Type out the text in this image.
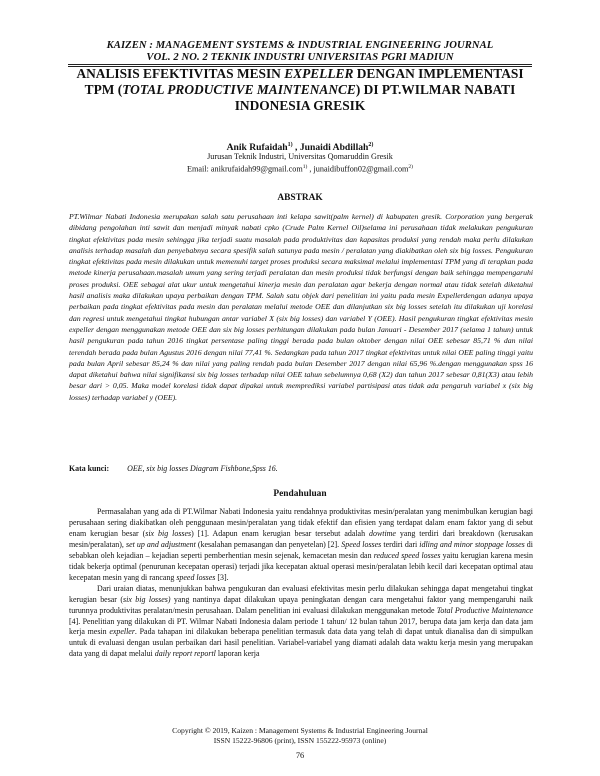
KAIZEN : MANAGEMENT SYSTEMS & INDUSTRIAL ENGINEERING JOURNAL
VOL. 2 NO. 2 TEKNIK INDUSTRI UNIVERSITAS PGRI MADIUN
ANALISIS EFEKTIVITAS MESIN EXPELLER DENGAN IMPLEMENTASI TPM (TOTAL PRODUCTIVE MAINTENANCE) DI PT.WILMAR NABATI INDONESIA GRESIK
Anik Rufaidah$^{1)}$ , Junaidi Abdillah$^{2)}$
Jurusan Teknik Industri, Universitas Qomaruddin Gresik
Email: anikrufaidah99@gmail.com$^{1)}$ , junaidibuffon02@gmail.com$^{2)}$
ABSTRAK

PT.Wilmar Nabati Indonesia merupakan salah satu perusahaan inti kelapa sawit(palm kernel) di kabupaten gresik. Corporation yang bergerak dibidang pengolahan inti sawit dan menjadi minyak nabati cpko (Crude Palm Kernel Oil)selama ini perusahaan tidak melakukan pengukuran tingkat efektivitas pada mesin sehingga jika terjadi suatu masalah pada produktivitas dan kapasitas produksi yang rendah maka perlu dilakukan analisis terhadap masalah dan penyebabnya secara spesifik salah satunya pada mesin / peralatan yang diakibatkan oleh six big losses. Pengukuran tingkat efektivitas pada mesin dilakukan untuk memenuhi target proses produksi secara maksimal melalui implementasi TPM yang di terapkan pada metode kinerja perusahaan.masalah umum yang sering terjadi peralatan dan mesin produksi tidak berfungsi dengan baik sehingga mempengaruhi proses produksi. OEE sebagai alat ukur untuk mengetahui kinerja mesin dan peralatan agar bekerja dengan normal atau tidak setelah diketahui hasil analisis maka dilakukan upaya perbaikan dengan TPM. Salah satu objek dari penelitian ini yaitu pada mesin Expellerdengan adanya upaya perbaikan pada tingkat efektivitas pada mesin dan peralatan melalui metode OEE dan dilanjutkan six big losses setelah itu dilakukan uji korelasi dan regresi untuk mengetahui tingkat hubungan antar variabel X (six big losses) dan variabel Y (OEE). Hasil pengukuran tingkat efektivitas mesin expeller dengan menggunakan metode OEE dan six big losses perhitungan dilakukan pada bulan Januari - Desember 2017 (selama 1 tahun) untuk hasil pengukuran pada tahun 2016 tingkat persentase paling tinggi berada pada bulan oktober dengan nilai OEE sebesar 85,71 % dan nilai terendah berada pada bulan Agustus 2016 dengan nilai 77,41 %. Sedangkan pada tahun 2017 tingkat efektivitas untuk nilai OEE paling tinggi yaitu pada bulan April sebesar 85,24 % dan nilai yang paling rendah pada bulan Desember 2017 dengan nilai 65,96 %.dengan menggunakan spss 16 dapat diketahui bahwa nilai signifikansi six big losses terhadap nilai OEE tahun sebelumnya 0,68 (X2) dan tahun 2017 sebesar 0,81(X3) atau lebih besar dari > 0,05. Maka model korelasi tidak dapat dipakai untuk memprediksi variabel partisipasi atas tidak ada pengaruh variabel x (six big losses) terhadap variabel y (OEE).

Kata kunci: OEE, six big losses Diagram Fishbone,Spss 16.
Pendahuluan

Permasalahan yang ada di PT.Wilmar Nabati Indonesia yaitu rendahnya produktivitas mesin/peralatan yang menimbulkan kerugian bagi perusahaan sering diakibatkan oleh penggunaan mesin/peralatan yang tidak efektif dan efisien yang terdapat dalam enam faktor yang di sebut enam kerugian besar (six big losses) [1]. Adapun enam kerugian besar tersebut adalah dowtime yang terdiri dari breakdown (kerusakan mesin/peralatan), set up and adjustment (kesalahan pemasangan dan penyetelan) [2]. Speed losses terdiri dari idling and minor stoppage losses di sebabkan oleh kejadian – kejadian seperti pemberhentian mesin sejenak, kemacetan mesin dan reduced speed losses yaitu kerugian karena mesin tidak bekerja optimal (penurunan kecepatan operasi) terjadi jika kecepatan aktual operasi mesin/peralatan lebih kecil dari kecepatan optimal atau kecepatan mesin yang di rancang speed losses [3].

Dari uraian diatas, menunjukkan bahwa pengukuran dan evaluasi efektivitas mesin perlu dilakukan sehingga dapat mengetahui tingkat kerugian besar (six big losses) yang nantinya dapat dilakukan upaya peningkatan dengan cara mengetahui faktor yang mempengaruhi naik turunnya produktivitas peralatan/mesin perusahaan. Dalam penelitian ini evaluasi dilakukan menggunakan metode Total Productive Maintenance [4]. Penelitian yang dilakukan di PT. Wilmar Nabati Indonesia dalam periode 1 tahun/ 12 bulan tahun 2017, berupa data jam kerja dan data jam kerja mesin expeller. Pada tahapan ini dilakukan beberapa penelitian termasuk data data yang telah di dapat untuk dianalisa dan di simpulkan untuk di evaluasi dengan usulan perbaikan dari hasil penelitian. Variabel-variabel yang diamati adalah data waktu kerja mesin yang merupakan data yang di dapat melalui daily report reportl laporan kerja

Copyright © 2019, Kaizen : Management Systems & Industrial Engineering Journal
ISSN 15222-96806 (print), ISSN 155222-95973 (online)
76
